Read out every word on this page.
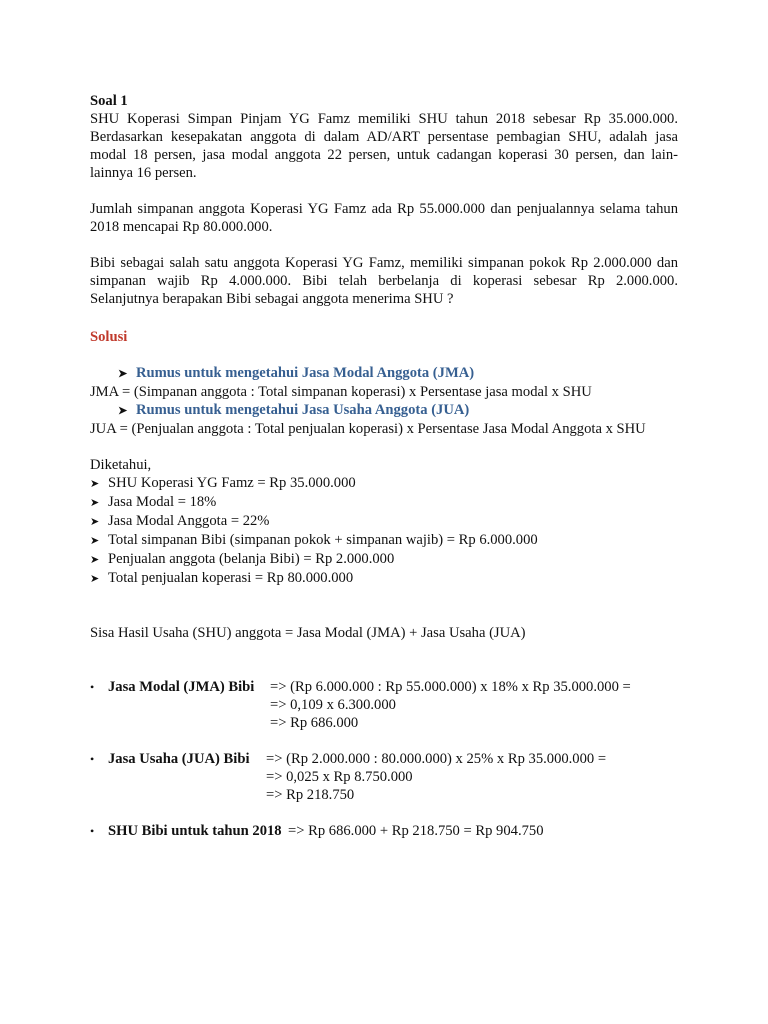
Soal 1
SHU Koperasi Simpan Pinjam YG Famz memiliki SHU tahun 2018 sebesar Rp 35.000.000.
Berdasarkan kesepakatan anggota di dalam AD/ART persentase pembagian SHU, adalah jasa
modal 18 persen, jasa modal anggota 22 persen, untuk cadangan koperasi 30 persen, dan lain-
lainnya 16 persen.
Jumlah simpanan anggota Koperasi YG Famz ada Rp 55.000.000 dan penjualannya selama tahun
2018 mencapai Rp 80.000.000.
Bibi sebagai salah satu anggota Koperasi YG Famz, memiliki simpanan pokok Rp 2.000.000 dan
simpanan wajib Rp 4.000.000. Bibi telah berbelanja di koperasi sebesar Rp 2.000.000.
Selanjutnya berapakan Bibi sebagai anggota menerima SHU ?
Solusi
➤ Rumus untuk mengetahui Jasa Modal Anggota (JMA)
JMA = (Simpanan anggota : Total simpanan koperasi) x Persentase jasa modal x SHU
➤ Rumus untuk mengetahui Jasa Usaha Anggota (JUA)
JUA = (Penjualan anggota : Total penjualan koperasi) x Persentase Jasa Modal Anggota x SHU
Diketahui,
➤ SHU Koperasi YG Famz = Rp 35.000.000
➤ Jasa Modal = 18%
➤ Jasa Modal Anggota = 22%
➤ Total simpanan Bibi (simpanan pokok + simpanan wajib) = Rp 6.000.000
➤ Penjualan anggota (belanja Bibi) = Rp 2.000.000
➤ Total penjualan koperasi = Rp 80.000.000
Sisa Hasil Usaha (SHU) anggota = Jasa Modal (JMA) + Jasa Usaha (JUA)
• Jasa Modal (JMA) Bibi => (Rp 6.000.000 : Rp 55.000.000) x 18% x Rp 35.000.000 =
=> 0,109 x 6.300.000
=> Rp 686.000
• Jasa Usaha (JUA) Bibi => (Rp 2.000.000 : 80.000.000) x 25% x Rp 35.000.000 =
=> 0,025 x Rp 8.750.000
=> Rp 218.750
• SHU Bibi untuk tahun 2018 => Rp 686.000 + Rp 218.750 = Rp 904.750
